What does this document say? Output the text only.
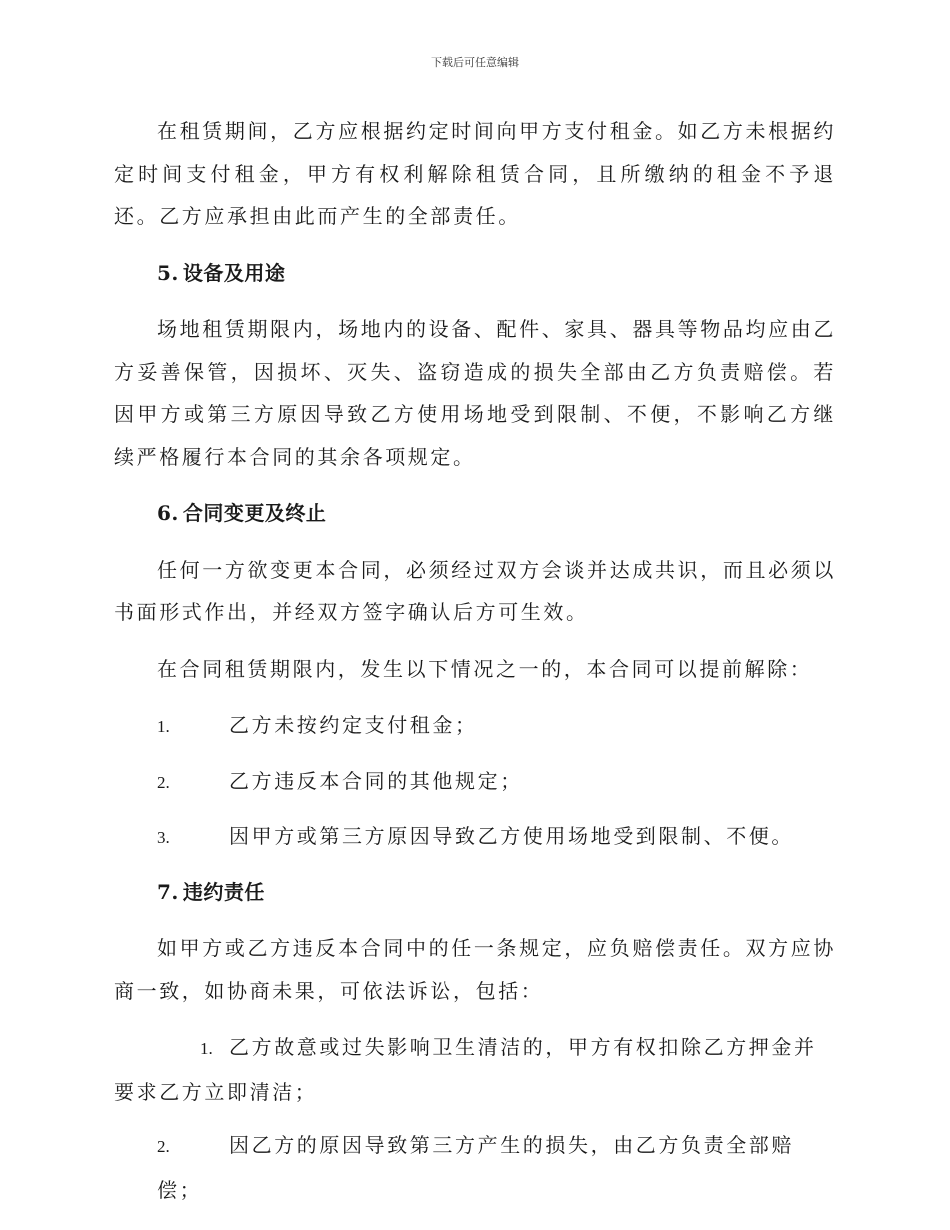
下载后可任意编辑

在租赁期间，乙方应根据约定时间向甲方支付租金。如乙方未根据约定时间支付租金，甲方有权利解除租赁合同，且所缴纳的租金不予退还。乙方应承担由此而产生的全部责任。

5. 设备及用途

场地租赁期限内，场地内的设备、配件、家具、器具等物品均应由乙方妥善保管，因损坏、灭失、盗窃造成的损失全部由乙方负责赔偿。若因甲方或第三方原因导致乙方使用场地受到限制、不便，不影响乙方继续严格履行本合同的其余各项规定。

6. 合同变更及终止

任何一方欲变更本合同，必须经过双方会谈并达成共识，而且必须以书面形式作出，并经双方签字确认后方可生效。

在合同租赁期限内，发生以下情况之一的，本合同可以提前解除：

1.	乙方未按约定支付租金；
2.	乙方违反本合同的其他规定；
3.	因甲方或第三方原因导致乙方使用场地受到限制、不便。
7. 违约责任

如甲方或乙方违反本合同中的任一条规定，应负赔偿责任。双方应协商一致，如协商未果，可依法诉讼，包括：

1. 乙方故意或过失影响卫生清洁的，甲方有权扣除乙方押金并要求乙方立即清洁；
2.	因乙方的原因导致第三方产生的损失，由乙方负责全部赔偿；
